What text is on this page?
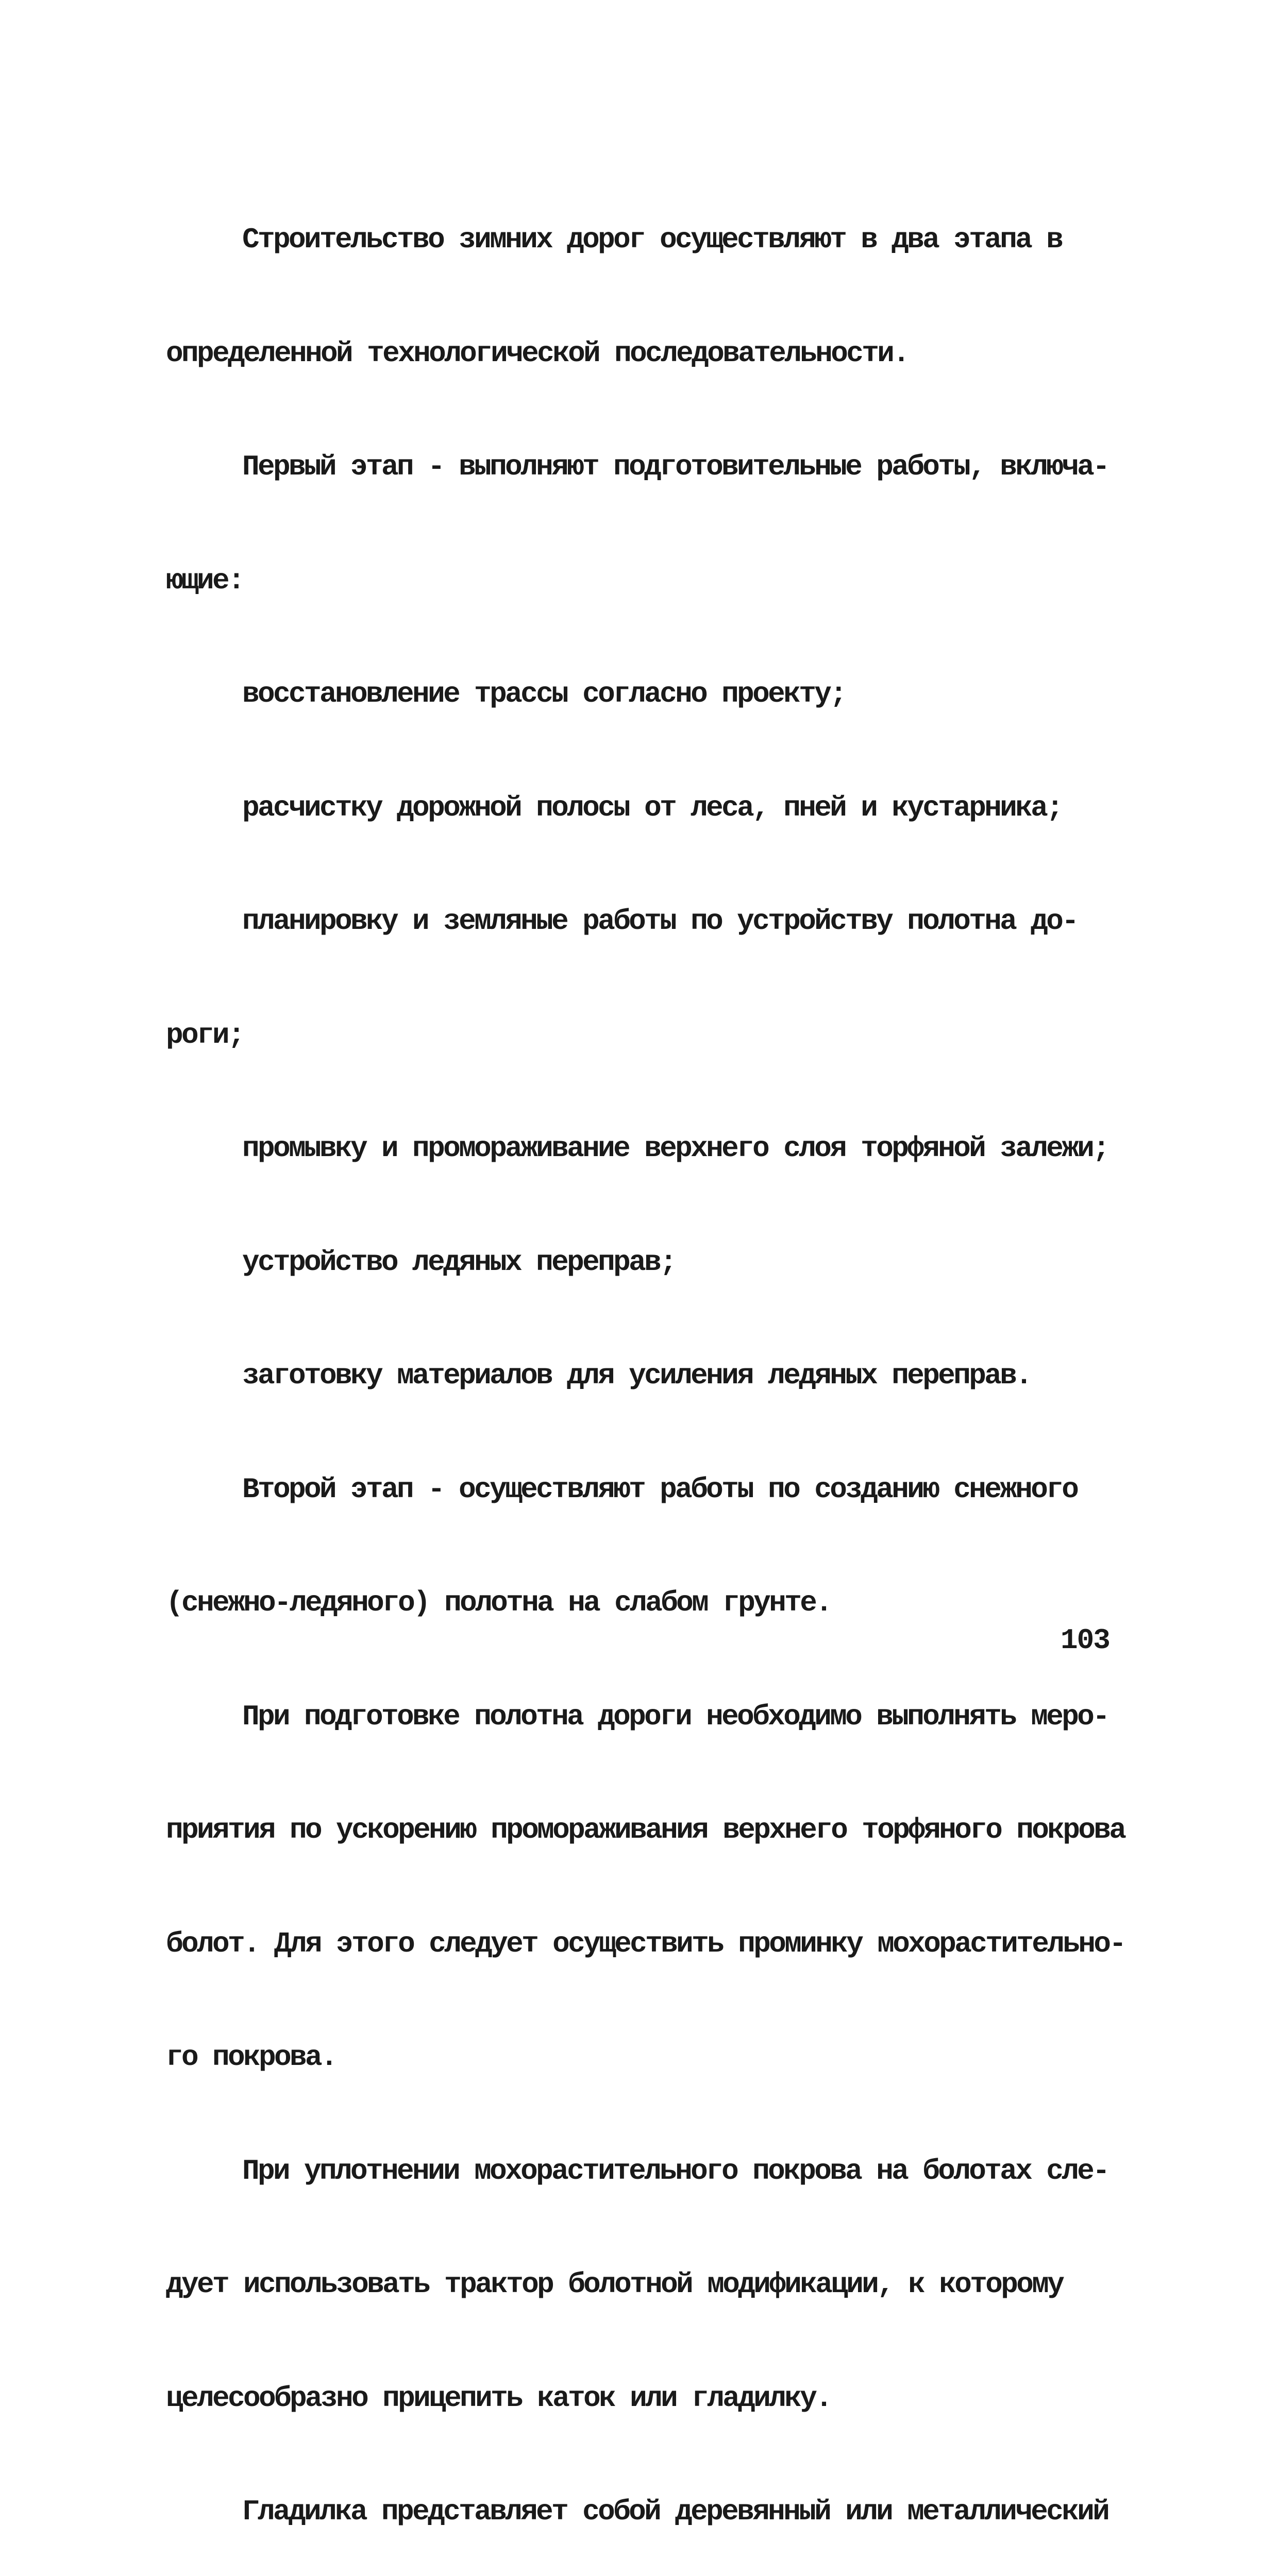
Строительство зимних дорог осуществляют в два этапа в

определенной технологической последовательности.

Первый этап - выполняют подготовительные работы, включа-

ющие:

восстановление трассы согласно проекту;

расчистку дорожной полосы от леса, пней и кустарника;

планировку и земляные работы по устройству полотна до-

роги;

промывку и промораживание верхнего слоя торфяной залежи;

устройство ледяных переправ;

заготовку материалов для усиления ледяных переправ.

Второй этап - осуществляют работы по созданию снежного

(снежно-ледяного) полотна на слабом грунте.

При подготовке полотна дороги необходимо выполнять меро-

приятия по ускорению промораживания верхнего торфяного покрова

болот. Для этого следует осуществить проминку мохорастительно-

го покрова.

При уплотнении мохорастительного покрова на болотах сле-

дует использовать трактор болотной модификации, к которому

целесообразно прицепить каток или гладилку.

Гладилка представляет собой деревянный или металлический

103
